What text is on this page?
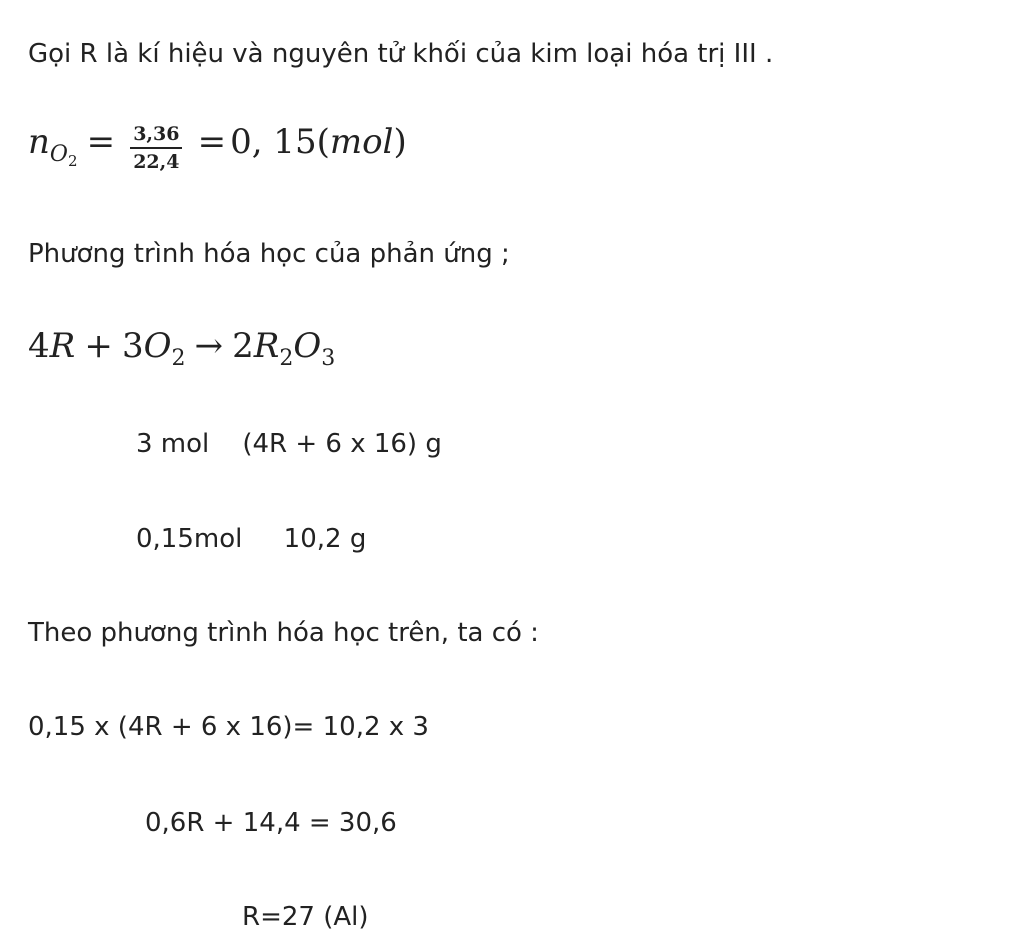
Gọi R là kí hiệu và nguyên tử khối của kim loại hóa trị III .
$n_{O_2} = \frac{3,36}{22,4} = 0$, 15(mol)
Phương trình hóa học của phản ứng ;
$4R + 3O_2 \to 2R_2O_3$
3 mol    (4R + 6 x 16) g
0,15mol     10,2 g
Theo phương trình hóa học trên, ta có :
0,15 x (4R + 6 x 16)= 10,2 x 3
0,6R + 14,4 = 30,6
R=27 (Al)
